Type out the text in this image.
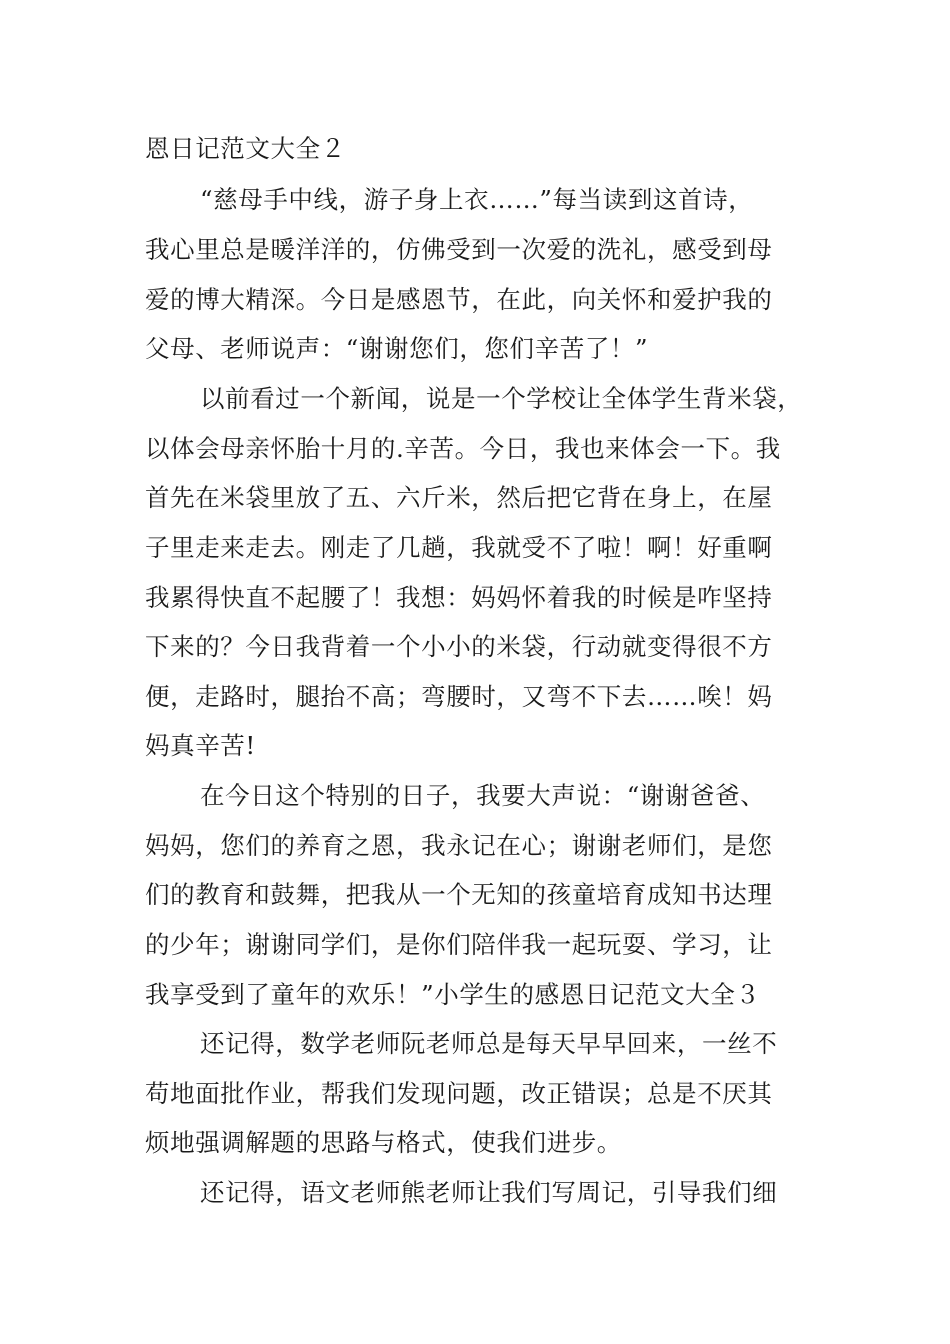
恩日记范文大全２
“慈母手中线，游子身上衣……”每当读到这首诗，
我心里总是暖洋洋的，仿佛受到一次爱的洗礼，感受到母
爱的博大精深。今日是感恩节，在此，向关怀和爱护我的
父母、老师说声：“谢谢您们，您们辛苦了！”
以前看过一个新闻，说是一个学校让全体学生背米袋，
以体会母亲怀胎十月的.辛苦。今日，我也来体会一下。我
首先在米袋里放了五、六斤米，然后把它背在身上，在屋
子里走来走去。刚走了几趟，我就受不了啦！啊！好重啊
我累得快直不起腰了！我想：妈妈怀着我的时候是咋坚持
下来的？今日我背着一个小小的米袋，行动就变得很不方
便，走路时，腿抬不高；弯腰时，又弯不下去……唉！妈
妈真辛苦!
在今日这个特别的日子，我要大声说：“谢谢爸爸、
妈妈，您们的养育之恩，我永记在心；谢谢老师们，是您
们的教育和鼓舞，把我从一个无知的孩童培育成知书达理
的少年；谢谢同学们，是你们陪伴我一起玩耍、学习，让
我享受到了童年的欢乐！”小学生的感恩日记范文大全３
还记得，数学老师阮老师总是每天早早回来，一丝不
苟地面批作业，帮我们发现问题，改正错误；总是不厌其
烦地强调解题的思路与格式，使我们进步。
还记得，语文老师熊老师让我们写周记，引导我们细
